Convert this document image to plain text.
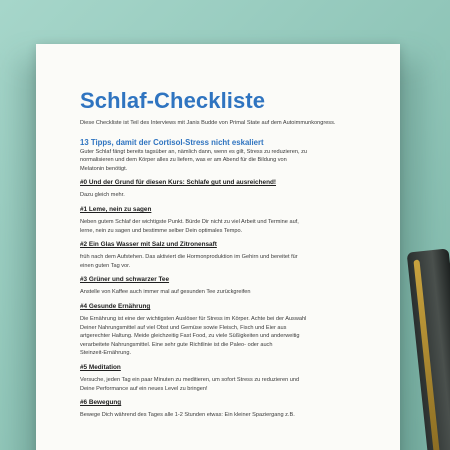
Schlaf-Checkliste

Diese Checkliste ist Teil des Interviews mit Janis Budde von Primal State auf dem Autoimmunkongress.

13 Tipps, damit der Cortisol-Stress nicht eskaliert

Guter Schlaf fängt bereits tagsüber an, nämlich dann, wenn es gilt, Stress zu reduzieren, zu

normalisieren und dem Körper alles zu liefern, was er am Abend für die Bildung von

Melatonin benötigt.

#0 Und der Grund für diesen Kurs: Schlafe gut und ausreichend!

Dazu gleich mehr.

#1 Leme, nein zu sagen

Neben gutem Schlaf der wichtigste Punkt. Bürde Dir nicht zu viel Arbeit und Termine auf,

lerne, nein zu sagen und bestimme selber Dein optimales Tempo.

#2 Ein Glas Wasser mit Salz und Zitronensaft

früh nach dem Aufstehen. Das aktiviert die Hormonproduktion im Gehirn und bereitet für

einen guten Tag vor.

#3 Grüner und schwarzer Tee

Anstelle von Kaffee auch immer mal auf gesunden Tee zurückgreifen

#4 Gesunde Ernährung

Die Ernährung ist eine der wichtigsten Auslöser für Stress im Körper. Achte bei der Auswahl

Deiner Nahrungsmittel auf viel Obst und Gemüse sowie Fleisch, Fisch und Eier aus

artgerechter Haltung. Meide gleichzeitig Fast Food, zu viele Süßigkeiten und anderweitig

verarbeitete Nahrungsmittel. Eine sehr gute Richtlinie ist die Paleo- oder auch

Steinzeit-Ernährung.

#5 Meditation

Versuche, jeden Tag ein paar Minuten zu meditieren, um sofort Stress zu reduzieren und

Deine Performance auf ein neues Level zu bringen!

#6 Bewegung

Bewege Dich während des Tages alle 1-2 Stunden etwas: Ein kleiner Spaziergang z.B.
